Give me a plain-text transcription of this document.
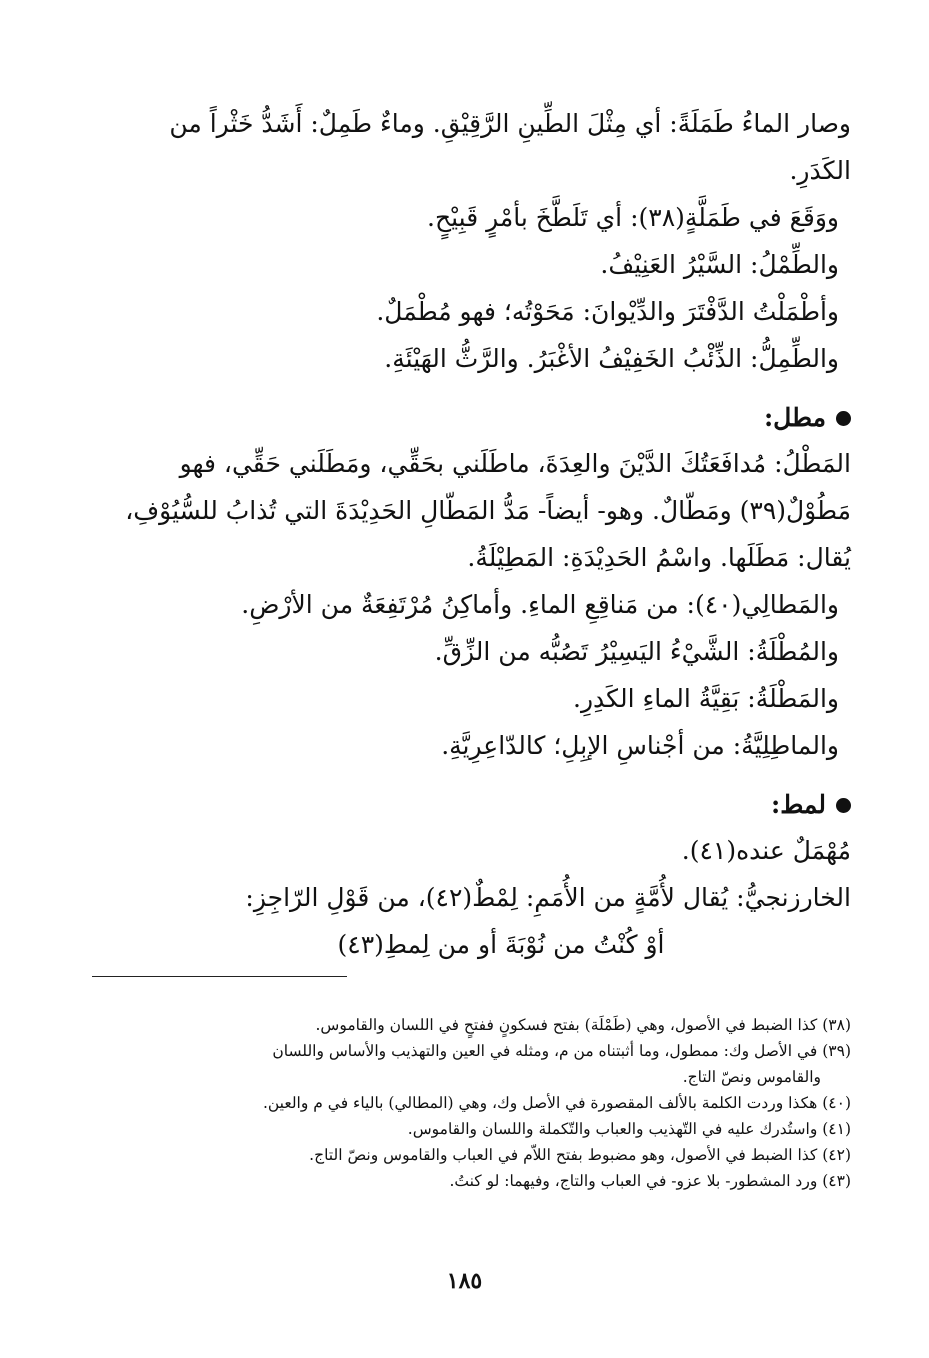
وصار الماءُ طَمَلَةً: أي مِثْلَ الطِّينِ الرَّقِيْقِ. وماءٌ طَمِلٌ: أَشَدُّ خَثْراً من
الكَدَرِ.
ووَقَعَ في طَمَلَّةٍ(٣٨): أي تَلَطَّخَ بأمْرٍ قَبِيْحٍ.
والطِّمْلُ: السَّيْرُ العَنِيْفُ.
وأطْمَلْتُ الدَّفْتَرَ والدِّيْوانَ: مَحَوْتُه؛ فهو مُطْمَلٌ.
والطِّمِلُّ: الذِّئْبُ الخَفِيْفُ الأغْبَرُ. والرَّثُّ الهَيْئَةِ.
مطل:
المَطْلُ: مُدافَعَتُكَ الدَّيْنَ والعِدَةَ، ماطَلَني بحَقِّي، ومَطَلَني حَقِّي، فهو
مَطُوْلٌ(٣٩) ومَطّالٌ. وهو- أيضاً- مَدُّ المَطّالِ الحَدِيْدَةَ التي تُذابُ للسُّيُوْفِ،
يُقال: مَطَلَها. واسْمُ الحَدِيْدَةِ: المَطِيْلَةُ.
والمَطالِي(٤٠): من مَناقِعِ الماءِ. وأماكِنُ مُرْتَفِعَةٌ من الأرْضِ.
والمُطْلَةُ: الشَّيْءُ اليَسِيْرُ تَصُبُّه من الزِّقِّ.
والمَطْلَةُ: بَقِيَّةُ الماءِ الكَدِرِ.
والماطِلِيَّةُ: من أجْناسِ الإبِلِ؛ كالدّاعِرِيَّةِ.
لمط:
مُهْمَلٌ عنده(٤١).
الخارزنجيُّ: يُقال لأُمَّةٍ من الأُمَمِ: لِمْطٌ(٤٢)، من قَوْلِ الرّاجِزِ:
أوْ كُنْتُ من نُوْبَةَ أو من لِمطِ(٤٣)
(٣٨) كذا الضبط في الأصول، وهي (طَمْلَة) بفتح فسكونٍ ففتحٍ في اللسان والقاموس.
(٣٩) في الأصل وك: ممطول، وما أثبتناه من م، ومثله في العين والتهذيب والأساس واللسان
والقاموس ونصّ التاج.
(٤٠) هكذا وردت الكلمة بالألف المقصورة في الأصل وك، وهي (المطالي) بالياء في م والعين.
(٤١) واستُدرك عليه في التّهذيب والعباب والتّكملة واللسان والقاموس.
(٤٢) كذا الضبط في الأصول، وهو مضبوط بفتح اللاّم في العباب والقاموس ونصّ التاج.
(٤٣) ورد المشطور- بلا عزو- في العباب والتاج، وفيهما: لو كنتُ.
١٨٥
